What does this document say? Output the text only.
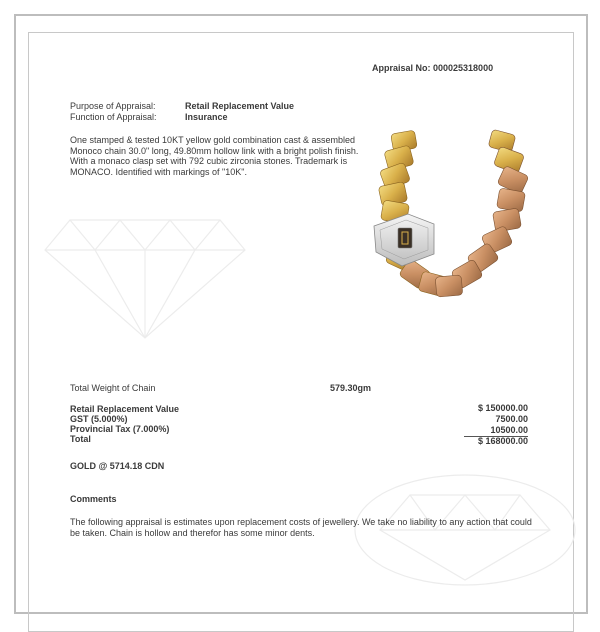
Appraisal No: 000025318000
Purpose of Appraisal:	Retail Replacement Value
Function of Appraisal:	Insurance
One stamped & tested 10KT yellow gold combination cast & assembled Monoco chain 30.0" long, 49.80mm hollow link with a bright polish finish. With a monaco clasp set with 792 cubic zirconia stones. Trademark is MONACO. Identified with markings of "10K".
Total Weight of Chain	579.30gm
Retail Replacement Value	$ 150000.00
GST (5.000%)	7500.00
Provincial Tax (7.000%)	10500.00
Total	$ 168000.00
GOLD @ 5714.18 CDN
Comments
The following appraisal is estimates upon replacement costs of jewellery. We take no liability to any action that could be taken. Chain is hollow and therefor has some minor dents.
